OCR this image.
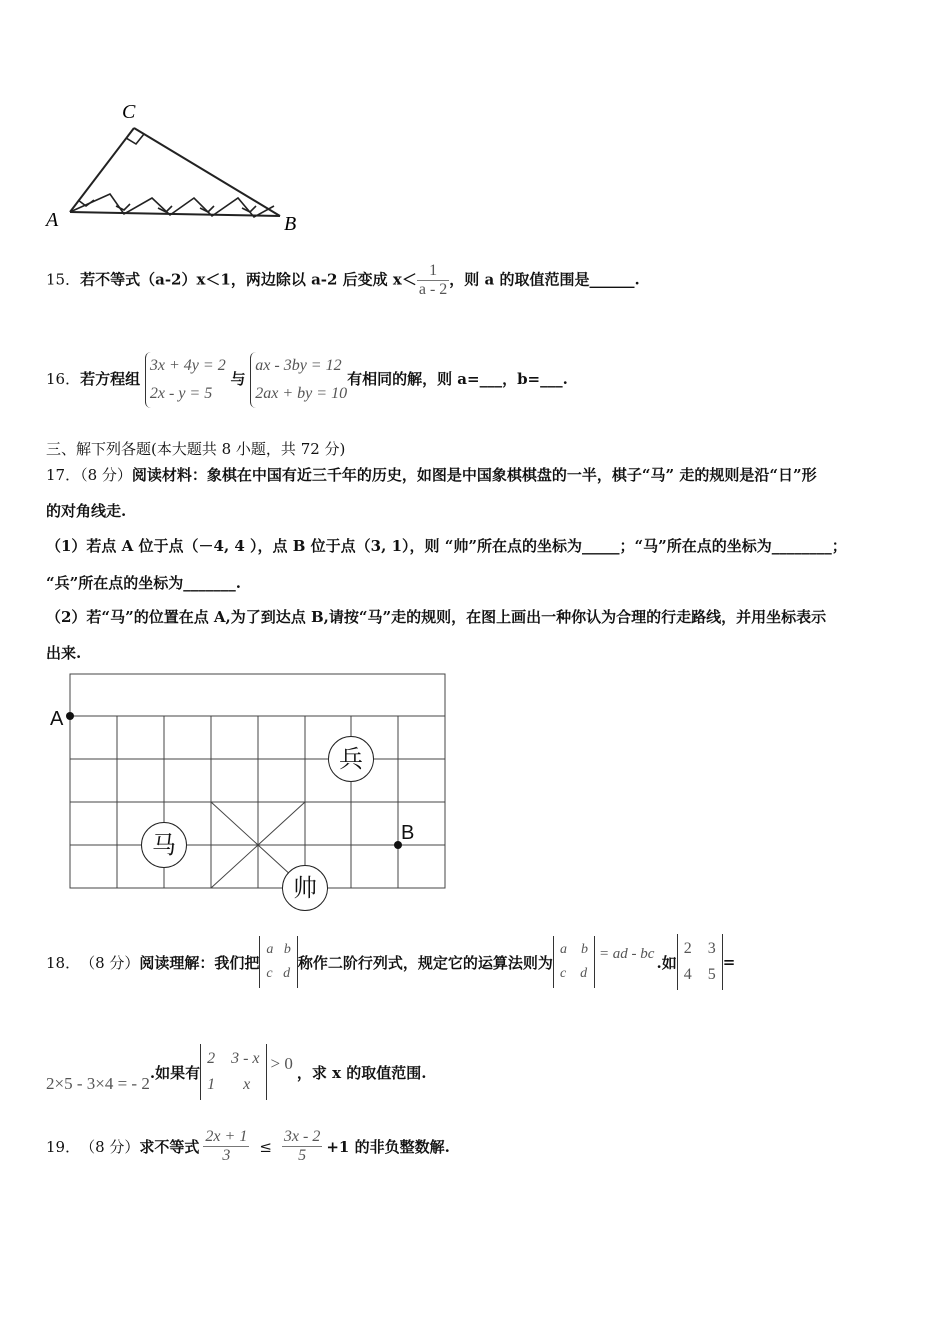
C
A	B
15．若不等式（a-2）x＜1，两边除以 a-2 后变成 $x< \frac{1}{a - 2}$ ，则 a 的取值范围是______.
16．若方程组
3x + 4y = 2
2x - y = 5
与
ax - 3by = 12
2ax + by = 10
有相同的解，则 a=___，b=___.
三、解下列各题(本大题共 8 小题，共 72 分)
17．（8 分）阅读材料：象棋在中国有近三千年的历史，如图是中国象棋棋盘的一半，棋子“马” 走的规则是沿“日”形
的对角线走.
（1）若点 A 位于点（－4, 4 ），点 B 位于点（3, 1），则 “帅”所在点的坐标为_____；“马”所在点的坐标为________；
“兵”所在点的坐标为_______.
（2）若“马”的位置在点 A,为了到达点 B,请按“马”走的规则，在图上画出一种你认为合理的行走路线，并用坐标表示
出来.
A
B
兵
马
帅
18． （8 分） 阅读理解：我们把
a b
c d
称作二阶行列式，规定它的运算法则为
a b
c d
= ad - bc .如
2 3
4 5
=
2×5 - 3×4 = - 2
.如果有
2 3 - x
1 x
> 0 ，求 x 的取值范围.
19． （8 分） 求不等式 $\frac{2x + 1}{3} \le \frac{3x - 2}{5} +1$ 的非负整数解.
